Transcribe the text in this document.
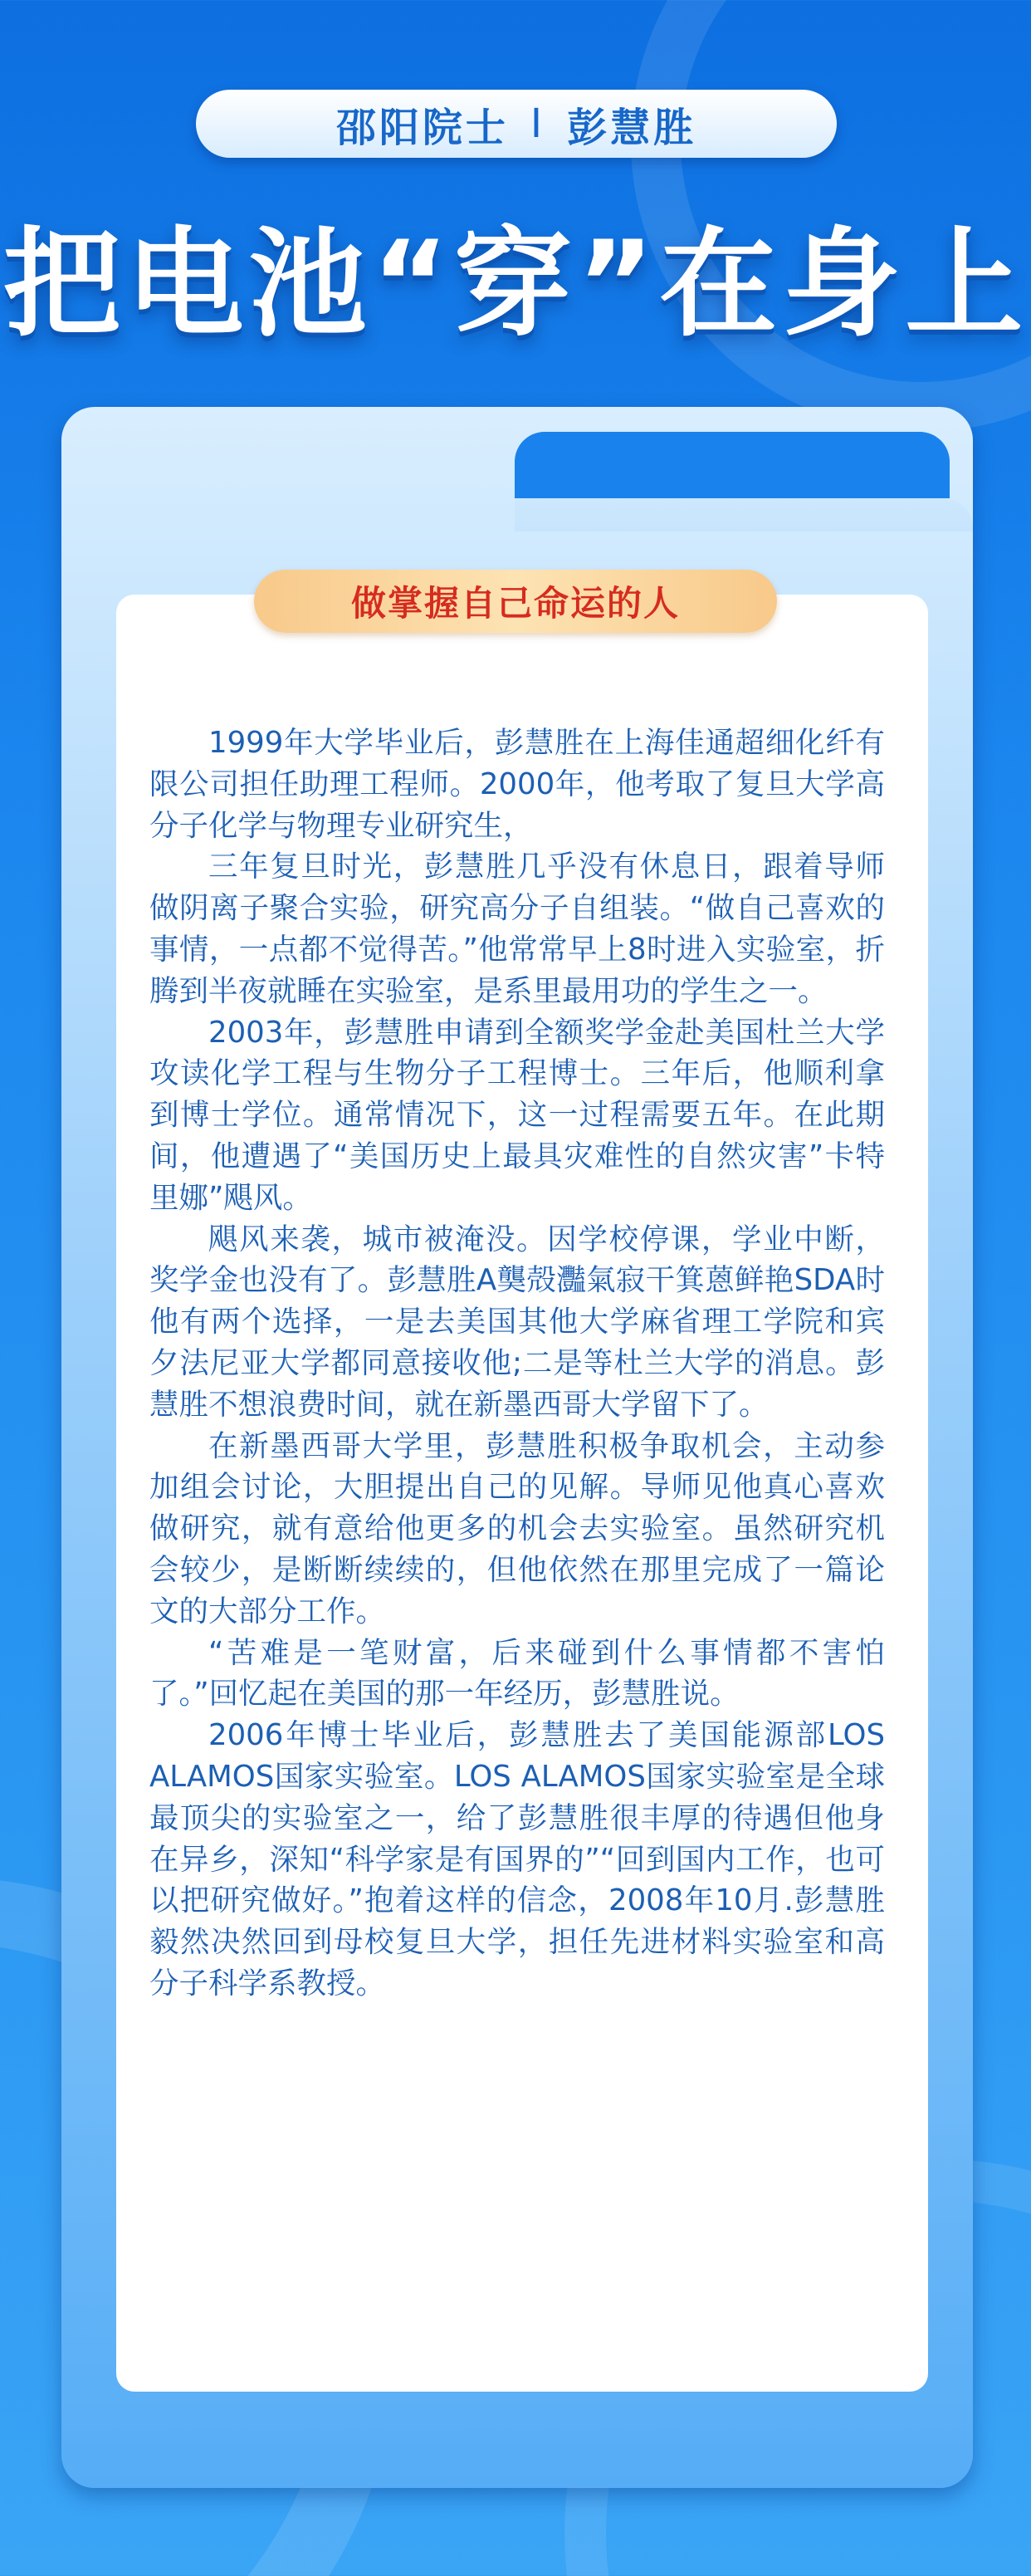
邵阳院士 I 彭慧胜
把电池“穿”在身上
做掌握自己命运的人

1999年大学毕业后，彭慧胜在上海佳通超细化纤有限公司担任助理工程师。2000年，他考取了复旦大学高分子化学与物理专业研究生，

三年复旦时光，彭慧胜几乎没有休息日，跟着导师做阴离子聚合实验，研究高分子自组装。“做自己喜欢的事情，一点都不觉得苦。”他常常早上8时进入实验室，折腾到半夜就睡在实验室，是系里最用功的学生之一。

2003年，彭慧胜申请到全额奖学金赴美国杜兰大学攻读化学工程与生物分子工程博士。三年后，他顺利拿到博士学位。通常情况下，这一过程需要五年。在此期间，他遭遇了“美国历史上最具灾难性的自然灾害”卡特里娜”飓风。

飓风来袭，城市被淹没。因学校停课，学业中断，奖学金也没有了。彭慧胜A龑殻灩氣寂干箕蒽鲜艳SDA时他有两个选择，一是去美国其他大学麻省理工学院和宾夕法尼亚大学都同意接收他;二是等杜兰大学的消息。彭慧胜不想浪费时间，就在新墨西哥大学留下了。

在新墨西哥大学里，彭慧胜积极争取机会，主动参加组会讨论，大胆提出自己的见解。导师见他真心喜欢做研究，就有意给他更多的机会去实验室。虽然研究机会较少，是断断续续的，但他依然在那里完成了一篇论文的大部分工作。

“苦难是一笔财富，后来碰到什么事情都不害怕了。”回忆起在美国的那一年经历，彭慧胜说。

2006年博士毕业后，彭慧胜去了美国能源部LOS ALAMOS国家实验室。LOS ALAMOS国家实验室是全球最顶尖的实验室之一，给了彭慧胜很丰厚的待遇但他身在异乡，深知“科学家是有国界的”“回到国内工作，也可以把研究做好。”抱着这样的信念，2008年10月.彭慧胜毅然决然回到母校复旦大学，担任先进材料实验室和高分子科学系教授。
